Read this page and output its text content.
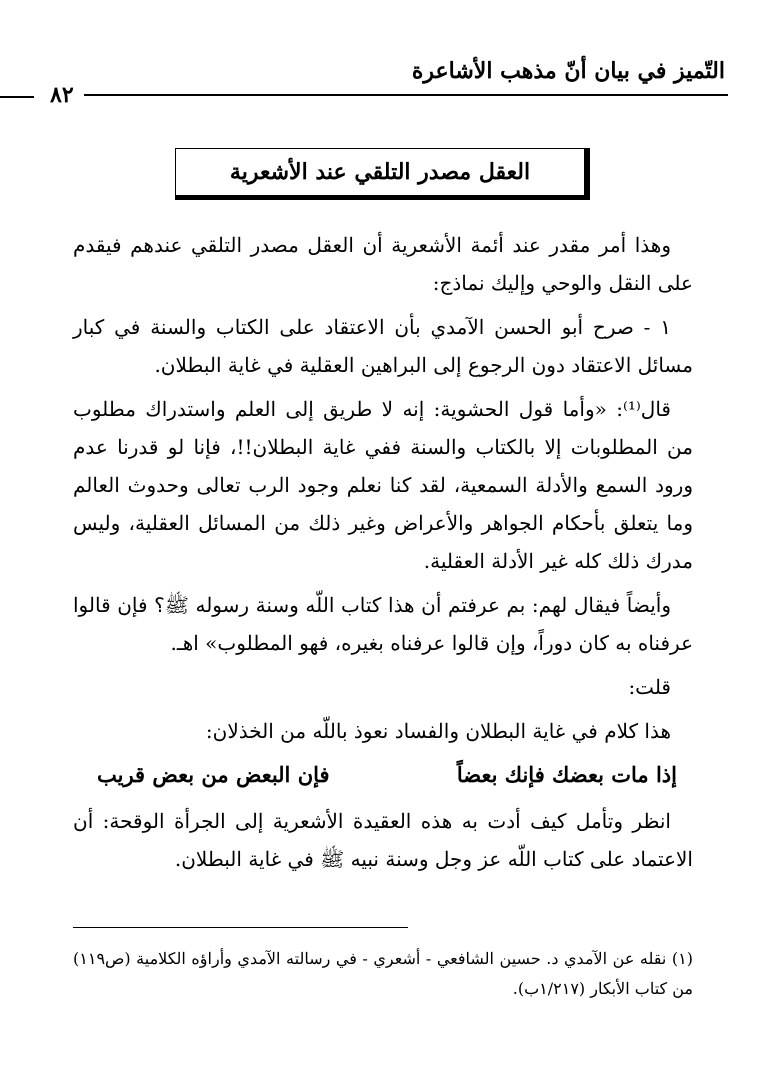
التّميز في بيان أنّ مذهب الأشاعرة
٨٢
العقل مصدر التلقي عند الأشعرية

وهذا أمر مقدر عند أئمة الأشعرية أن العقل مصدر التلقي عندهم فيقدم على النقل والوحي وإليك نماذج:

١ - صرح أبو الحسن الآمدي بأن الاعتقاد على الكتاب والسنة في كبار مسائل الاعتقاد دون الرجوع إلى البراهين العقلية في غاية البطلان.

قال⁽¹⁾: «وأما قول الحشوية: إنه لا طريق إلى العلم واستدراك مطلوب من المطلوبات إلا بالكتاب والسنة ففي غاية البطلان!!، فإنا لو قدرنا عدم ورود السمع والأدلة السمعية، لقد كنا نعلم وجود الرب تعالى وحدوث العالم وما يتعلق بأحكام الجواهر والأعراض وغير ذلك من المسائل العقلية، وليس مدرك ذلك كله غير الأدلة العقلية.

وأيضاً فيقال لهم: بم عرفتم أن هذا كتاب اللّه وسنة رسوله ﷺ؟ فإن قالوا عرفناه به كان دوراً، وإن قالوا عرفناه بغيره، فهو المطلوب» اهـ.

قلت:

هذا كلام في غاية البطلان والفساد نعوذ باللّه من الخذلان:

إذا مات بعضك فإنك بعضاً
فإن البعض من بعض قريب

انظر وتأمل كيف أدت به هذه العقيدة الأشعرية إلى الجرأة الوقحة: أن الاعتماد على كتاب اللّه عز وجل وسنة نبيه ﷺ في غاية البطلان.

(١) نقله عن الآمدي د. حسين الشافعي - أشعري - في رسالته الآمدي وأراؤه الكلامية (ص١١٩) من كتاب الأبكار (١/٢١٧ب).
